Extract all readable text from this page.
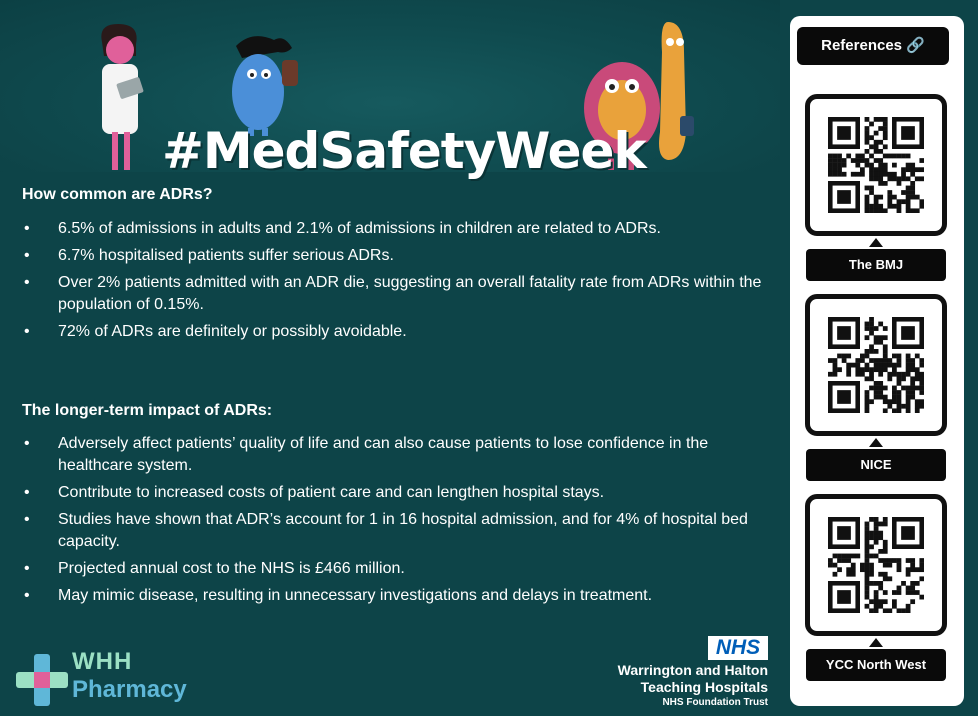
#MedSafetyWeek
How common are ADRs?
• 6.5% of admissions in adults and 2.1% of admissions in children are related to ADRs.
• 6.7% hospitalised patients suffer serious ADRs.
• Over 2% patients admitted with an ADR die, suggesting an overall fatality rate from ADRs within the population of 0.15%.
• 72% of ADRs are definitely or possibly avoidable.
The longer-term impact of ADRs:
• Adversely affect patients’ quality of life and can also cause patients to lose confidence in the healthcare system.
• Contribute to increased costs of patient care and can lengthen hospital stays.
• Studies have shown that ADR’s account for 1 in 16 hospital admission, and for 4% of hospital bed capacity.
• Projected annual cost to the NHS is £466 million.
• May mimic disease, resulting in unnecessary investigations and delays in treatment.
References 🔗
The BMJ
NICE
YCC North West
WHH
Pharmacy
NHS
Warrington and Halton
Teaching Hospitals
NHS Foundation Trust
